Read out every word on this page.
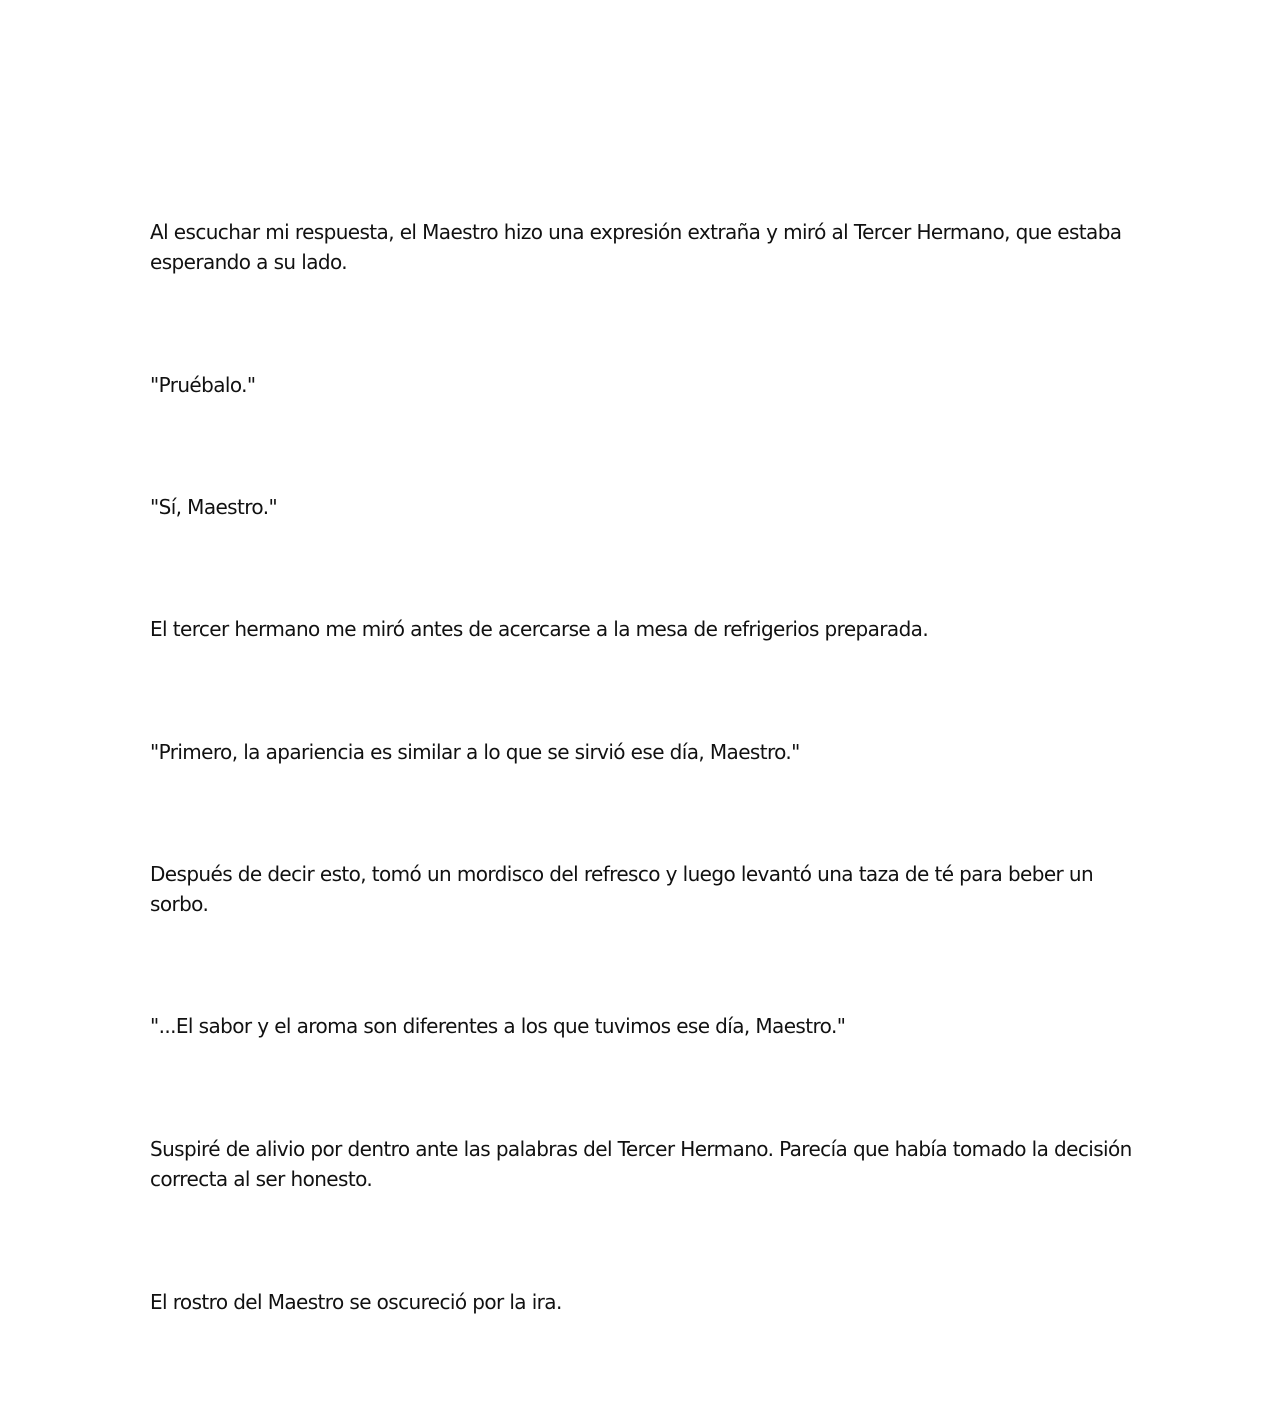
Al escuchar mi respuesta, el Maestro hizo una expresión extraña y miró al Tercer Hermano, que estaba esperando a su lado.

"Pruébalo."

"Sí, Maestro."

El tercer hermano me miró antes de acercarse a la mesa de refrigerios preparada.

"Primero, la apariencia es similar a lo que se sirvió ese día, Maestro."

Después de decir esto, tomó un mordisco del refresco y luego levantó una taza de té para beber un sorbo.

"...El sabor y el aroma son diferentes a los que tuvimos ese día, Maestro."

Suspiré de alivio por dentro ante las palabras del Tercer Hermano. Parecía que había tomado la decisión correcta al ser honesto.

El rostro del Maestro se oscureció por la ira.
